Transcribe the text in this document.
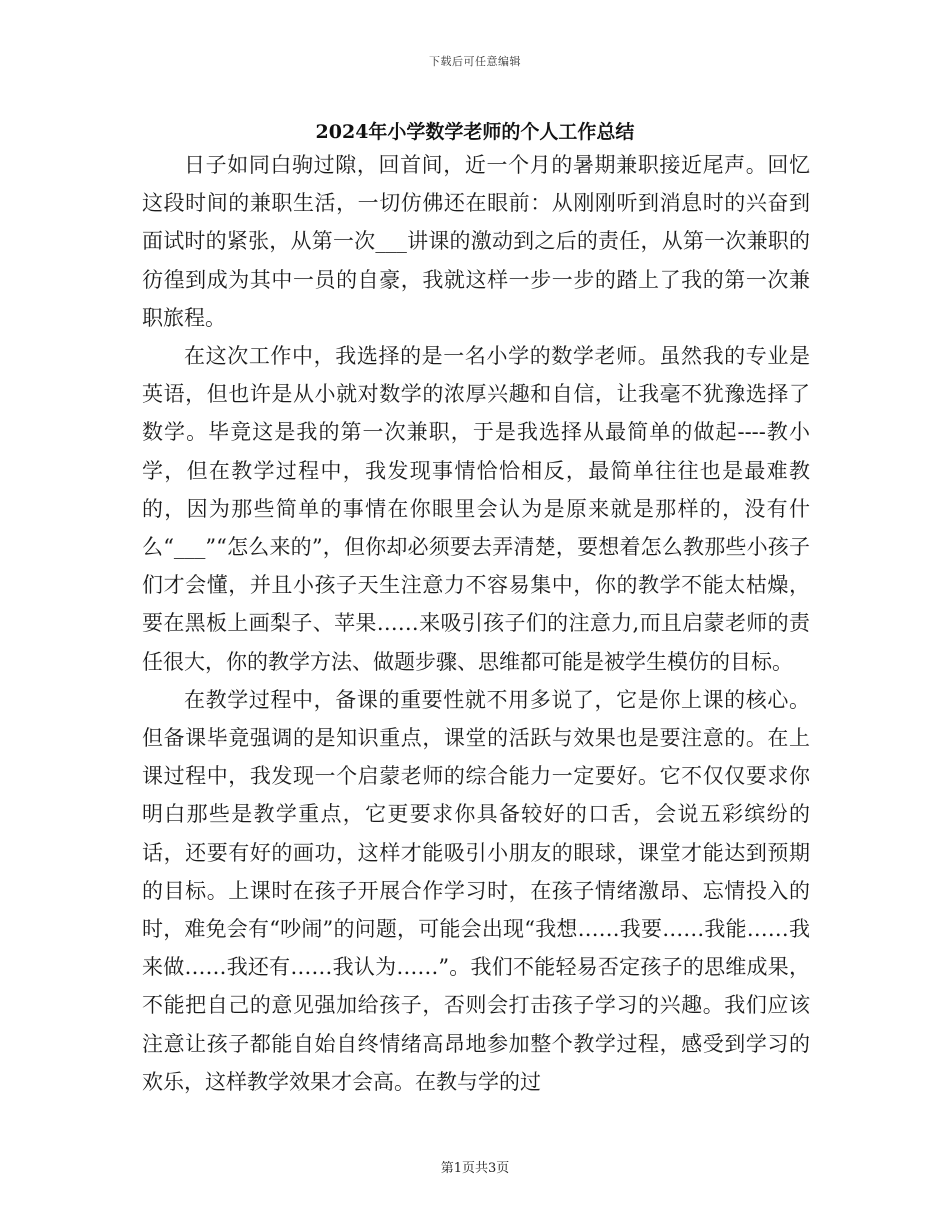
下载后可任意编辑
2024年小学数学老师的个人工作总结

日子如同白驹过隙，回首间，近一个月的暑期兼职接近尾声。回忆这段时间的兼职生活，一切仿佛还在眼前：从刚刚听到消息时的兴奋到面试时的紧张，从第一次___讲课的激动到之后的责任，从第一次兼职的彷徨到成为其中一员的自豪，我就这样一步一步的踏上了我的第一次兼职旅程。

在这次工作中，我选择的是一名小学的数学老师。虽然我的专业是英语，但也许是从小就对数学的浓厚兴趣和自信，让我毫不犹豫选择了数学。毕竟这是我的第一次兼职，于是我选择从最简单的做起----教小学，但在教学过程中，我发现事情恰恰相反，最简单往往也是最难教的，因为那些简单的事情在你眼里会认为是原来就是那样的，没有什么“___”“怎么来的”，但你却必须要去弄清楚，要想着怎么教那些小孩子们才会懂，并且小孩子天生注意力不容易集中，你的教学不能太枯燥，要在黑板上画梨子、苹果……来吸引孩子们的注意力,而且启蒙老师的责任很大，你的教学方法、做题步骤、思维都可能是被学生模仿的目标。

在教学过程中，备课的重要性就不用多说了，它是你上课的核心。但备课毕竟强调的是知识重点，课堂的活跃与效果也是要注意的。在上课过程中，我发现一个启蒙老师的综合能力一定要好。它不仅仅要求你明白那些是教学重点，它更要求你具备较好的口舌，会说五彩缤纷的话，还要有好的画功，这样才能吸引小朋友的眼球，课堂才能达到预期的目标。上课时在孩子开展合作学习时，在孩子情绪激昂、忘情投入的时，难免会有“吵闹”的问题，可能会出现“我想……我要……我能……我来做……我还有……我认为……”。我们不能轻易否定孩子的思维成果，不能把自己的意见强加给孩子，否则会打击孩子学习的兴趣。我们应该注意让孩子都能自始自终情绪高昂地参加整个教学过程，感受到学习的欢乐，这样教学效果才会高。在教与学的过

第1页共3页
